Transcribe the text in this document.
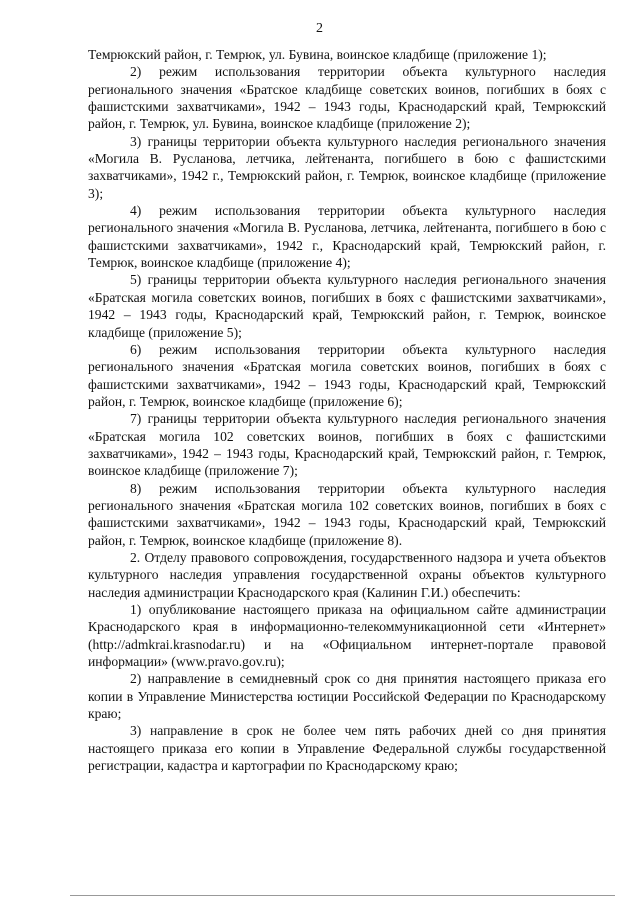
2

Темрюкский район, г. Темрюк, ул. Бувина, воинское кладбище (приложение 1);

2) режим использования территории объекта культурного наследия регионального значения «Братское кладбище советских воинов, погибших в боях с фашистскими захватчиками», 1942 – 1943 годы, Краснодарский край, Темрюкский район, г. Темрюк, ул. Бувина, воинское кладбище (приложение 2);

3) границы территории объекта культурного наследия регионального значения «Могила В. Русланова, летчика, лейтенанта, погибшего в бою с фашистскими захватчиками», 1942 г., Темрюкский район, г. Темрюк, воинское кладбище (приложение 3);

4) режим использования территории объекта культурного наследия регионального значения «Могила В. Русланова, летчика, лейтенанта, погибшего в бою с фашистскими захватчиками», 1942 г., Краснодарский край, Темрюкский район, г. Темрюк, воинское кладбище (приложение 4);

5) границы территории объекта культурного наследия регионального значения «Братская могила советских воинов, погибших в боях с фашистскими захватчиками», 1942 – 1943 годы, Краснодарский край, Темрюкский район, г. Темрюк, воинское кладбище (приложение 5);

6) режим использования территории объекта культурного наследия регионального значения «Братская могила советских воинов, погибших в боях с фашистскими захватчиками», 1942 – 1943 годы, Краснодарский край, Темрюкский район, г. Темрюк, воинское кладбище (приложение 6);

7) границы территории объекта культурного наследия регионального значения «Братская могила 102 советских воинов, погибших в боях с фашистскими захватчиками», 1942 – 1943 годы, Краснодарский край, Темрюкский район, г. Темрюк, воинское кладбище (приложение 7);

8) режим использования территории объекта культурного наследия регионального значения «Братская могила 102 советских воинов, погибших в боях с фашистскими захватчиками», 1942 – 1943 годы, Краснодарский край, Темрюкский район, г. Темрюк, воинское кладбище (приложение 8).

2. Отделу правового сопровождения, государственного надзора и учета объектов культурного наследия управления государственной охраны объектов культурного наследия администрации Краснодарского края (Калинин Г.И.) обеспечить:

1) опубликование настоящего приказа на официальном сайте администрации Краснодарского края в информационно-телекоммуникационной сети «Интернет» (http://admkrai.krasnodar.ru) и на «Официальном интернет-портале правовой информации» (www.pravo.gov.ru);

2) направление в семидневный срок со дня принятия настоящего приказа его копии в Управление Министерства юстиции Российской Федерации по Краснодарскому краю;

3) направление в срок не более чем пять рабочих дней со дня принятия настоящего приказа его копии в Управление Федеральной службы государственной регистрации, кадастра и картографии по Краснодарскому краю;
